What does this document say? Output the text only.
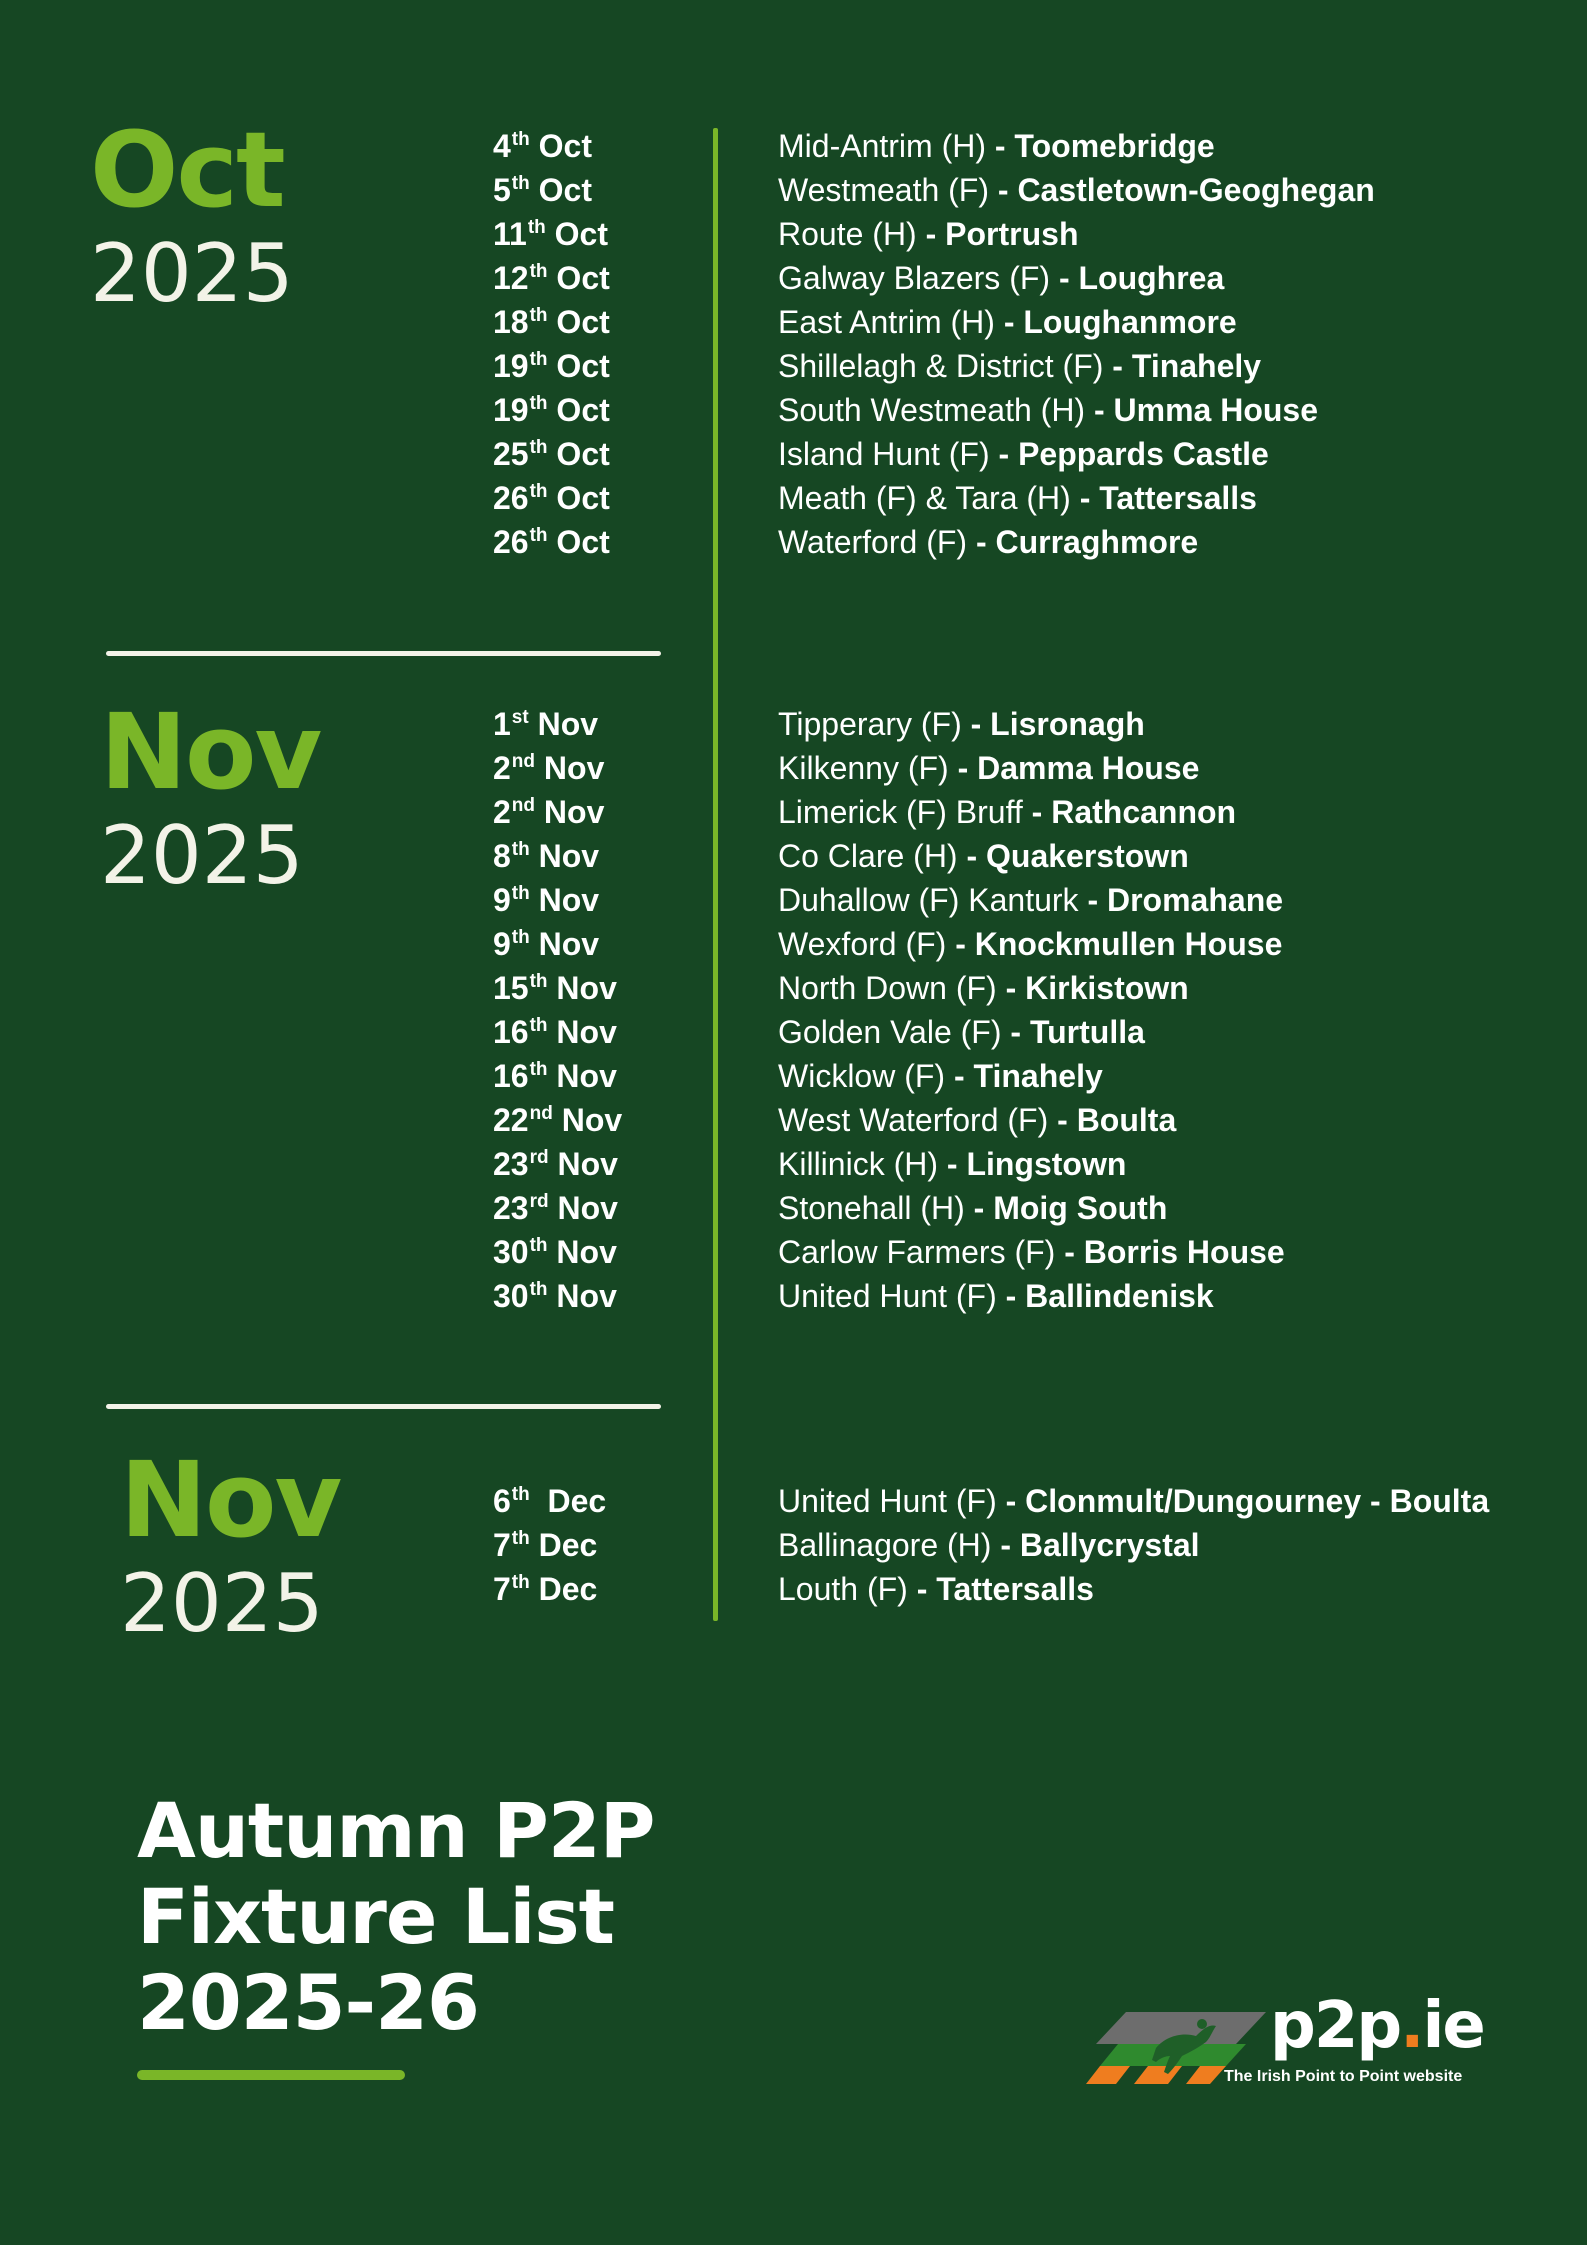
Oct
2025
4th Oct	Mid-Antrim (H) - Toomebridge
5th Oct	Westmeath (F) - Castletown-Geoghegan
11th Oct	Route (H) - Portrush
12th Oct	Galway Blazers (F) - Loughrea
18th Oct	East Antrim (H) - Loughanmore
19th Oct	Shillelagh & District (F) - Tinahely
19th Oct	South Westmeath (H) - Umma House
25th Oct	Island Hunt (F) - Peppards Castle
26th Oct	Meath (F) & Tara (H) - Tattersalls
26th Oct	Waterford (F) - Curraghmore
Nov
2025
1st Nov	Tipperary (F) - Lisronagh
2nd Nov	Kilkenny (F) - Damma House
2nd Nov	Limerick (F) Bruff - Rathcannon
8th Nov	Co Clare (H) - Quakerstown
9th Nov	Duhallow (F) Kanturk - Dromahane
9th Nov	Wexford (F) - Knockmullen House
15th Nov	North Down (F) - Kirkistown
16th Nov	Golden Vale (F) - Turtulla
16th Nov	Wicklow (F) - Tinahely
22nd Nov	West Waterford (F) - Boulta
23rd Nov	Killinick (H) - Lingstown
23rd Nov	Stonehall (H) - Moig South
30th Nov	Carlow Farmers (F) - Borris House
30th Nov	United Hunt (F) - Ballindenisk
Nov
2025
6th  Dec	United Hunt (F) - Clonmult/Dungourney - Boulta
7th Dec	Ballinagore (H) - Ballycrystal
7th Dec	Louth (F) - Tattersalls
Autumn P2P
Fixture List
2025-26	p2p.ie
The Irish Point to Point website
